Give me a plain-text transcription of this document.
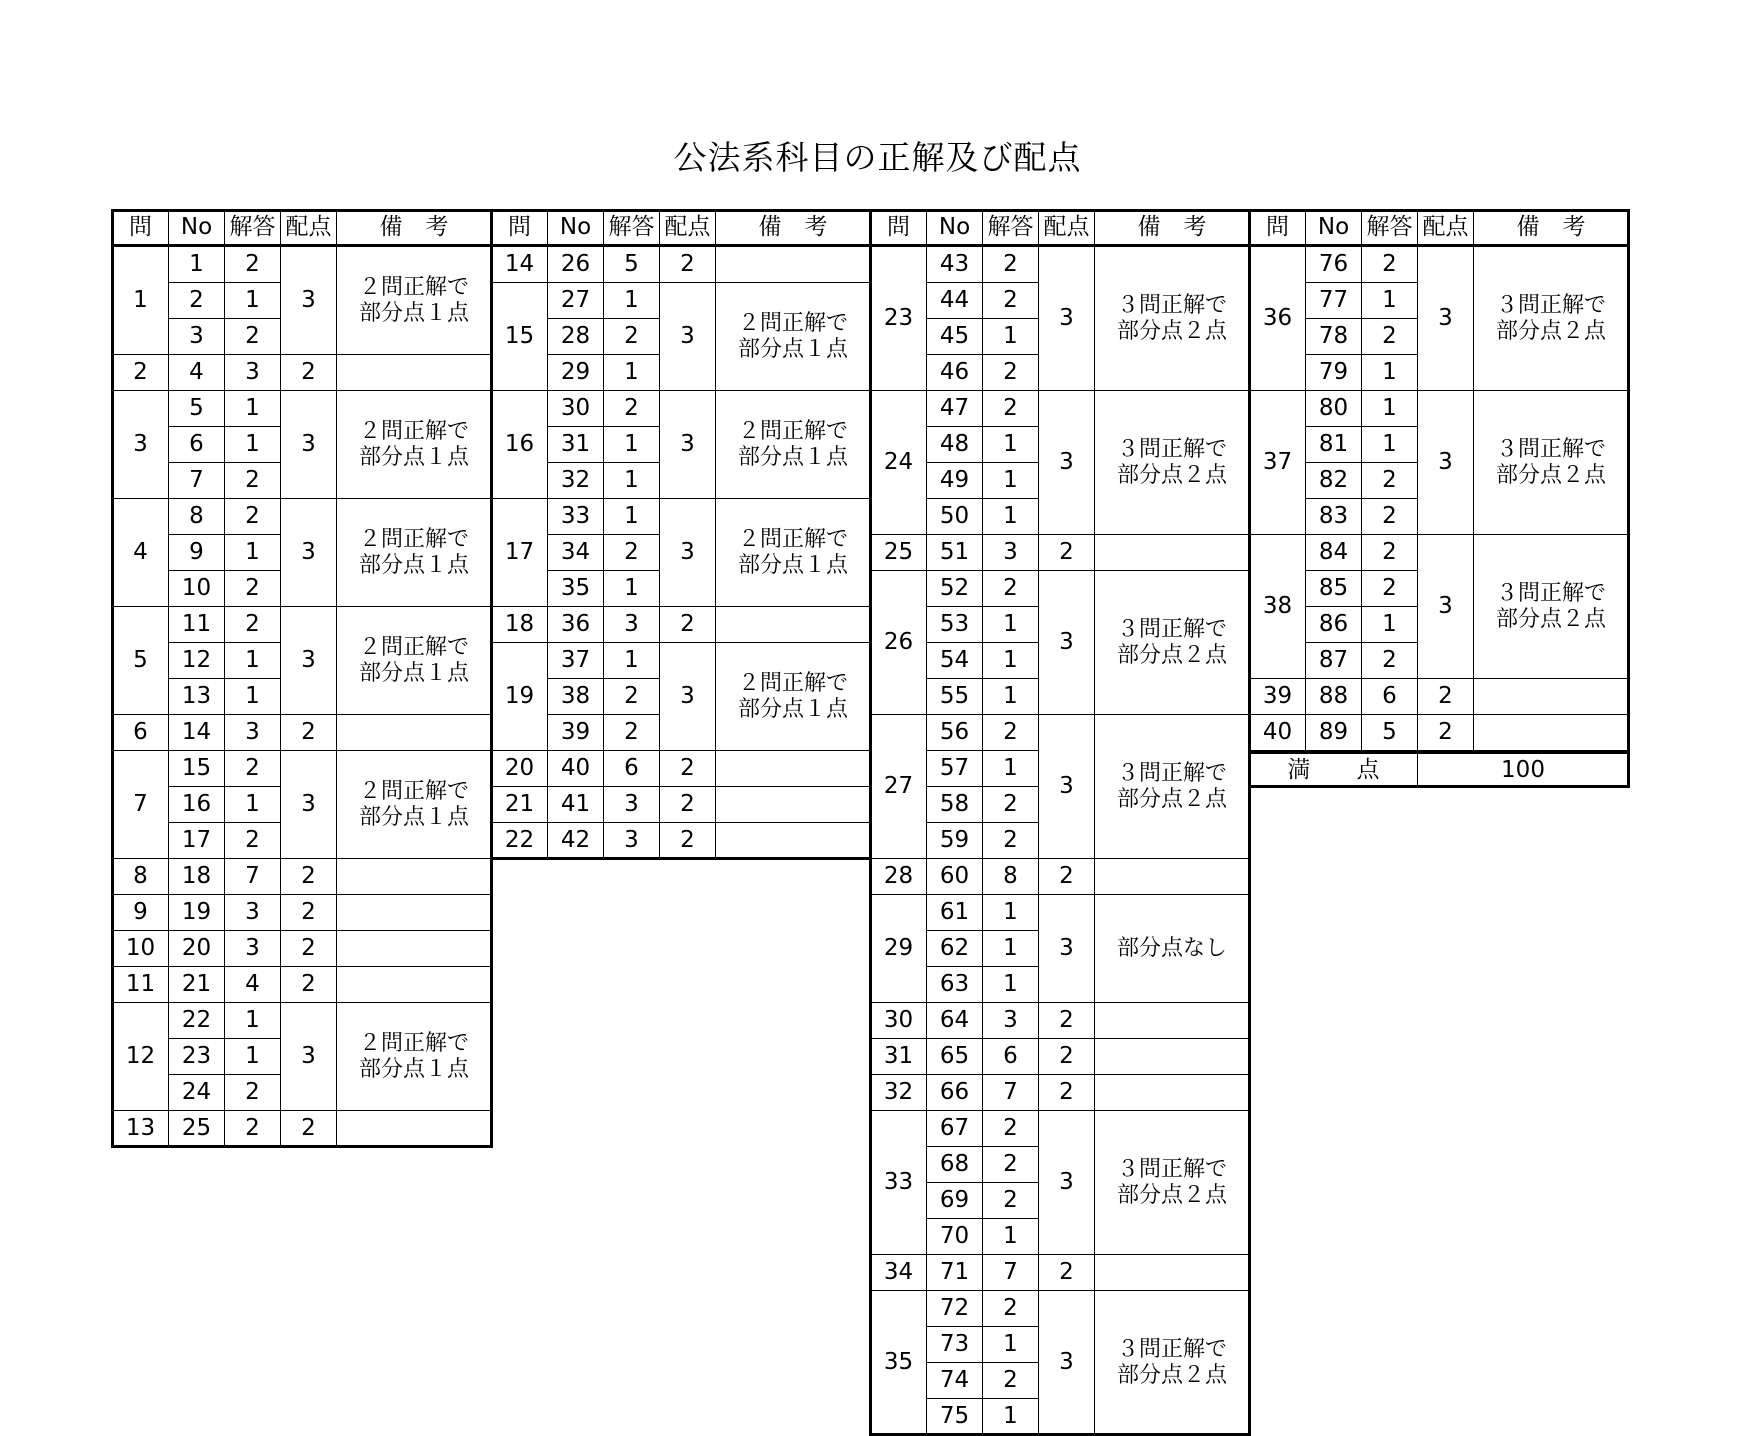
公法系科目の正解及び配点
問	No 解答 配点	備　考
1
1	2
2	1
3	2
3	２問正解で
部分点１点
2	4	3	2
3
5	1
6	1
7	2
3	２問正解で
部分点１点
4
8	2
9	1
10	2
3	２問正解で
部分点１点
5
11	2
12	1
13	1
3	２問正解で
部分点１点
6	14	3	2
7
15	2
16	1
17	2
3	２問正解で
部分点１点
8	18	7	2
9	19	3	2
10	20	3	2
11	21	4	2
12
22	1
23	1
24	2
3	２問正解で
部分点１点
13	25	2	2
問	No 解答 配点	備　考
14	26	5	2
15
27	1
28	2
29	1
3	２問正解で
部分点１点
16
30	2
31	1
32	1
3	２問正解で
部分点１点
17
33	1
34	2
35	1
3	２問正解で
部分点１点
18	36	3	2
19
37	1
38	2
39	2
3	２問正解で
部分点１点
20	40	6	2
21	41	3	2
22	42	3	2
問	No 解答 配点	備　考
23
43	2
44	2
45	1
46	2
3	３問正解で
部分点２点
24
47	2
48	1
49	1
50	1
3	３問正解で
部分点２点
25	51	3	2
26
52	2
53	1
54	1
55	1
3	３問正解で
部分点２点
27
56	2
57	1
58	2
59	2
3	３問正解で
部分点２点
28	60	8	2
29
61	1
62	1
63	1
3	部分点なし
30	64	3	2
31	65	6	2
32	66	7	2
33
67	2
68	2
69	2
70	1
3	３問正解で
部分点２点
34	71	7	2
35
72	2
73	1
74	2
75	1
3	３問正解で
部分点２点
問	No 解答 配点	備　考
36
76	2
77	1
78	2
79	1
3	３問正解で
部分点２点
37
80	1
81	1
82	2
83	2
3	３問正解で
部分点２点
38
84	2
85	2
86	1
87	2
3	３問正解で
部分点２点
39	88	6	2
40	89	5	2
満　　点	100
